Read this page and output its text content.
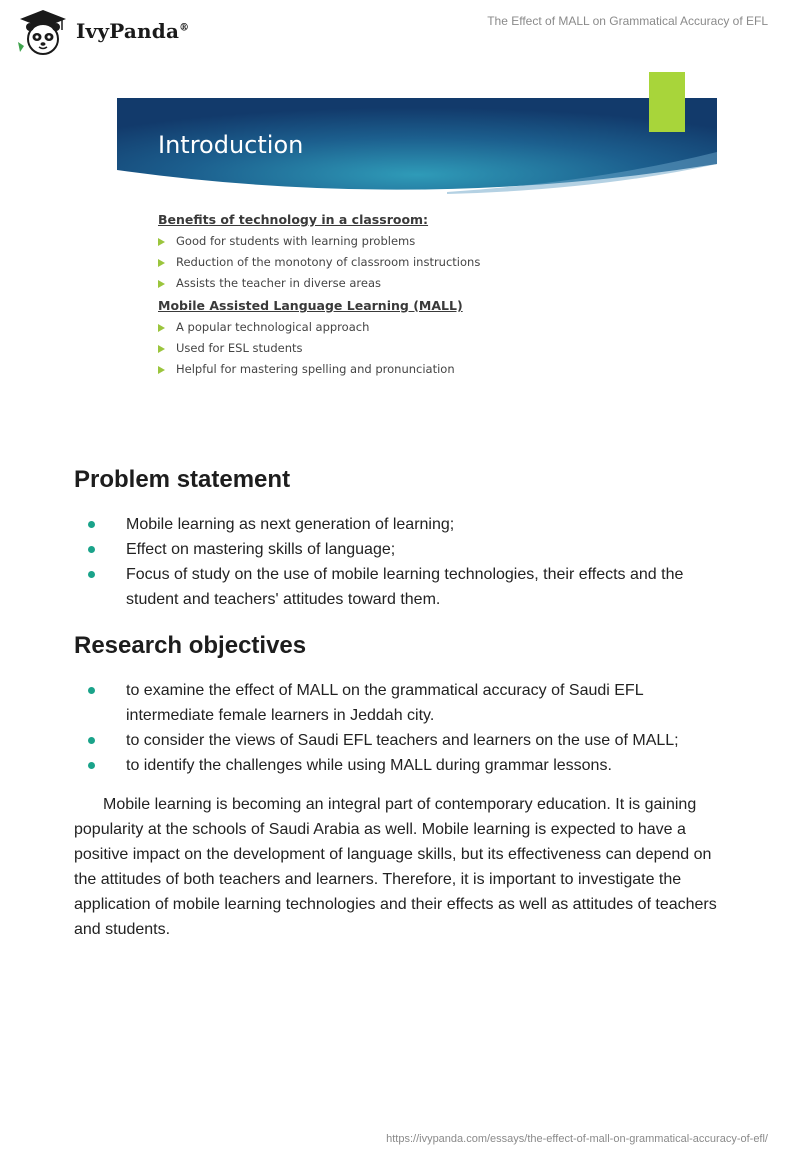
IvyPanda®	The Effect of MALL on Grammatical Accuracy of EFL
Introduction
Benefits of technology in a classroom:
Good for students with learning problems
Reduction of the monotony of classroom instructions
Assists the teacher in diverse areas
Mobile Assisted Language Learning (MALL)
A popular technological approach
Used for ESL students
Helpful for mastering spelling and pronunciation
Problem statement
Mobile learning as next generation of learning;
Effect on mastering skills of language;
Focus of study on the use of mobile learning technologies, their effects and the student and teachers' attitudes toward them.
Research objectives
to examine the effect of MALL on the grammatical accuracy of Saudi EFL intermediate female learners in Jeddah city.
to consider the views of Saudi EFL teachers and learners on the use of MALL;
to identify the challenges while using MALL during grammar lessons.

Mobile learning is becoming an integral part of contemporary education. It is gaining popularity at the schools of Saudi Arabia as well. Mobile learning is expected to have a positive impact on the development of language skills, but its effectiveness can depend on the attitudes of both teachers and learners. Therefore, it is important to investigate the application of mobile learning technologies and their effects as well as attitudes of teachers and students.

https://ivypanda.com/essays/the-effect-of-mall-on-grammatical-accuracy-of-efl/
